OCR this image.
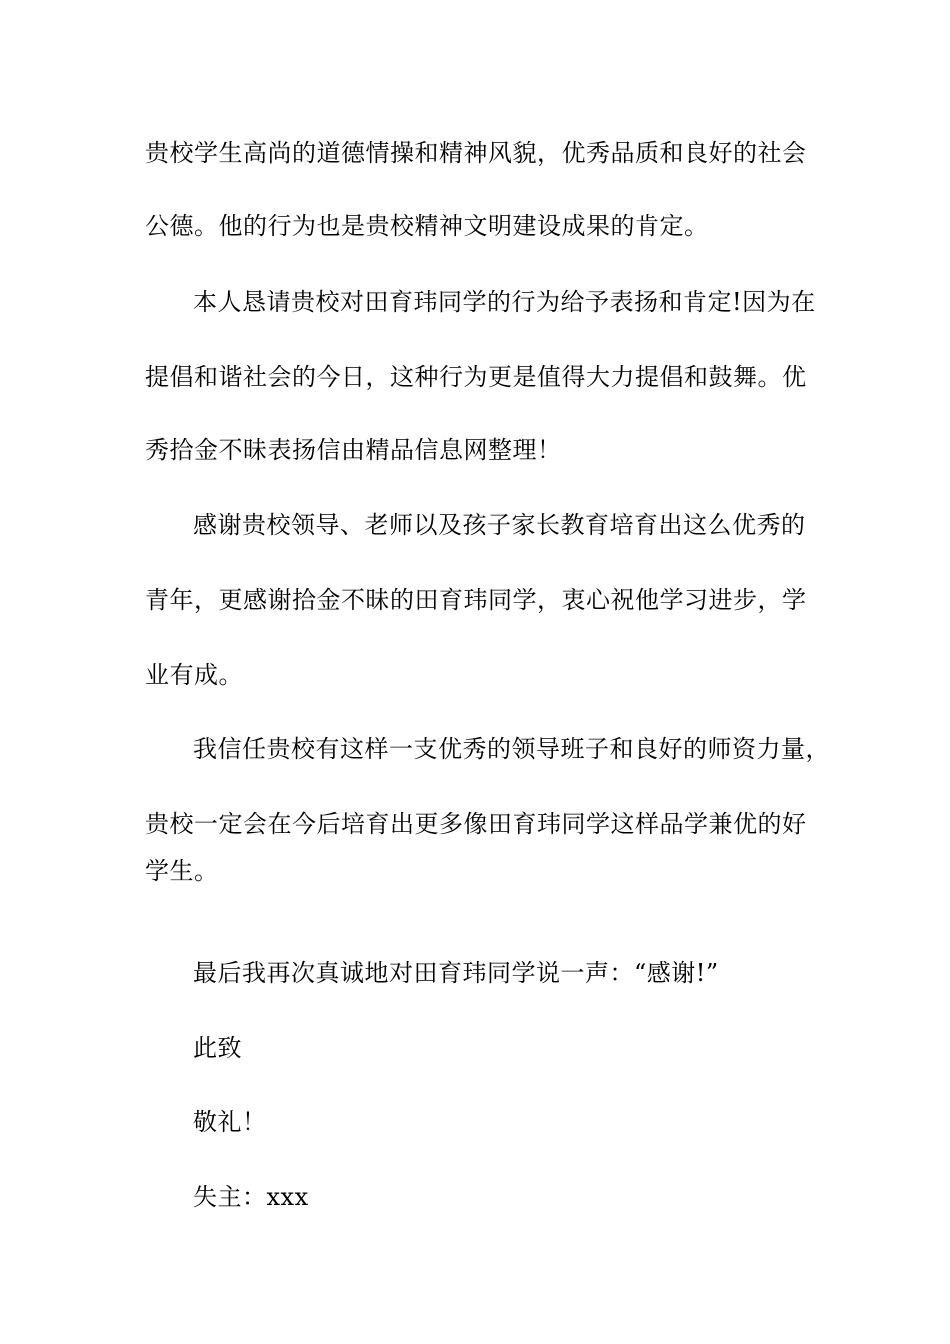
贵校学生高尚的道德情操和精神风貌，优秀品质和良好的社会
公德。他的行为也是贵校精神文明建设成果的肯定。
本人恳请贵校对田育玮同学的行为给予表扬和肯定!因为在
提倡和谐社会的今日，这种行为更是值得大力提倡和鼓舞。优
秀拾金不昧表扬信由精品信息网整理！
感谢贵校领导、老师以及孩子家长教育培育出这么优秀的
青年，更感谢拾金不昧的田育玮同学，衷心祝他学习进步，学
业有成。
我信任贵校有这样一支优秀的领导班子和良好的师资力量，
贵校一定会在今后培育出更多像田育玮同学这样品学兼优的好
学生。
最后我再次真诚地对田育玮同学说一声：“感谢!”
此致
敬礼！
失主：xxx
